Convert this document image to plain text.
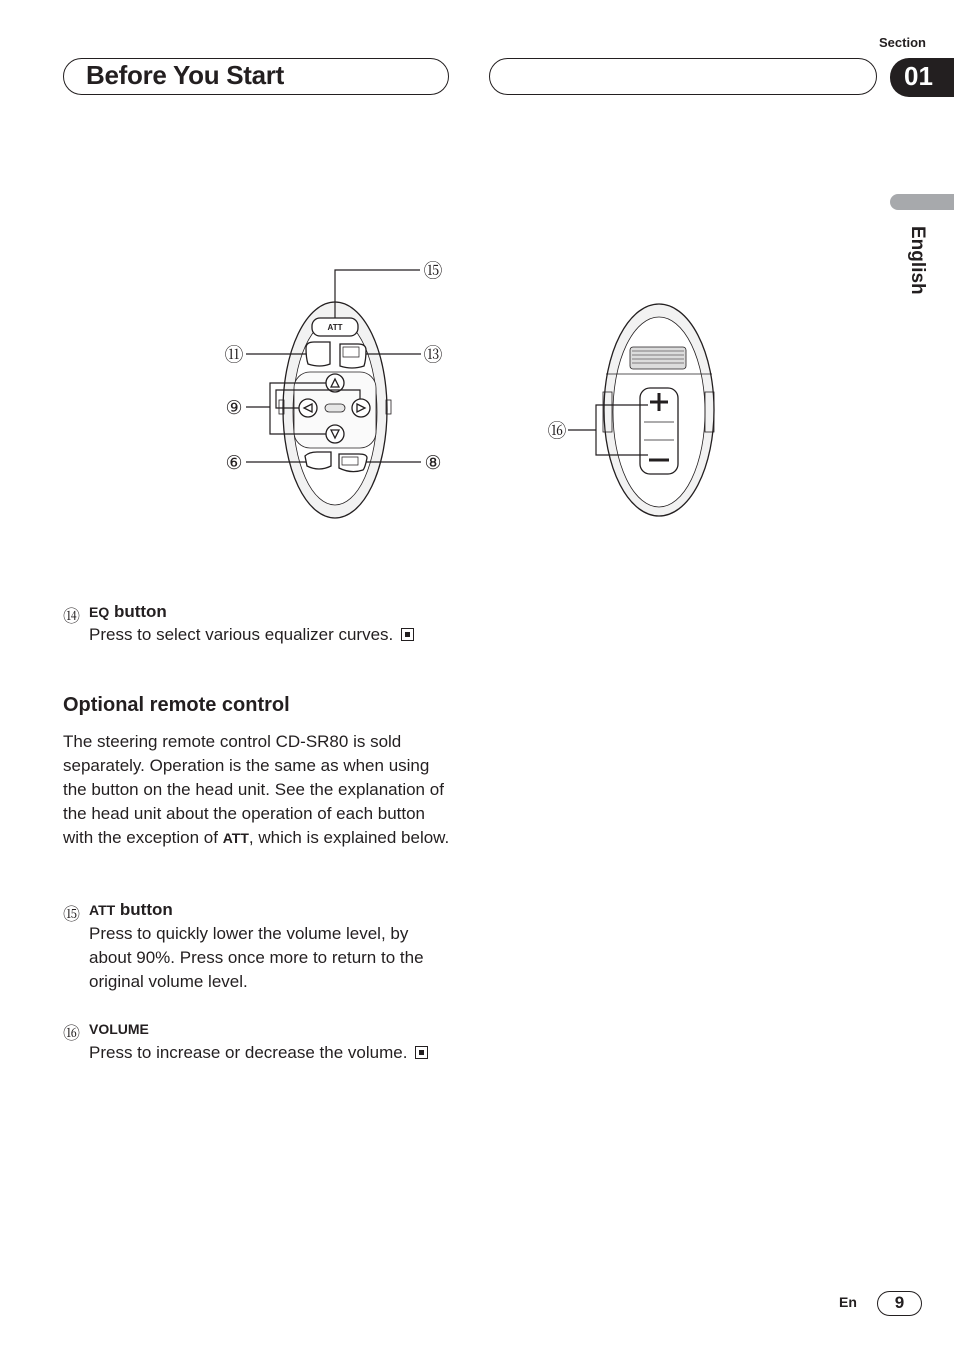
Section
Before You Start	01
English
ATT
⑮
⑪	⑬
⑨
⑥	⑧
⑯
⑭ EQ button
Press to select various equalizer curves.
Optional remote control
The steering remote control CD-SR80 is sold separately. Operation is the same as when using the button on the head unit. See the explanation of the head unit about the operation of each button with the exception of ATT, which is explained below.
⑮ ATT button
Press to quickly lower the volume level, by about 90%. Press once more to return to the original volume level.
⑯ VOLUME
Press to increase or decrease the volume.
En	9
